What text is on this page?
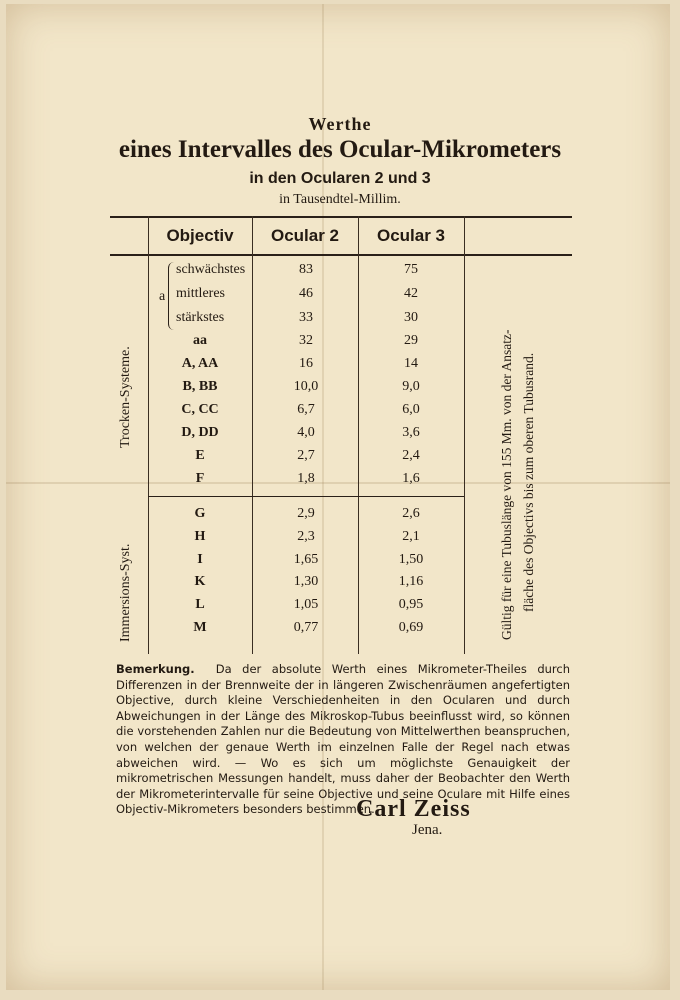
Werthe
eines Intervalles des Ocular-Mikrometers
in den Ocularen 2 und 3
in Tausendtel-Millim.
Objectiv	Ocular 2	Ocular 3
a
schwächstes	83	75
mittleres	46	42
stärkstes	33	30
aa	32	29
A, AA	16	14
B, BB	10,0	9,0
C, CC	6,7	6,0
D, DD	4,0	3,6
E	2,7	2,4
F	1,8	1,6
G	2,9	2,6
H	2,3	2,1
I	1,65	1,50
K	1,30	1,16
L	1,05	0,95
M	0,77	0,69
Trocken-Systeme.
Immersions-Syst.	Gültig für eine Tubuslänge von 155 Mm. von der Ansatz- fläche des Objectivs bis zum oberen Tubusrand.
Bemerkung. Da der absolute Werth eines Mikrometer-Theiles durch Differenzen in der Brennweite der in längeren Zwischenräumen angefertigten Objective, durch kleine Verschiedenheiten in den Ocularen und durch Abweichungen in der Länge des Mikroskop-Tubus beeinflusst wird, so können die vorstehenden Zahlen nur die Bedeutung von Mittelwerthen beanspruchen, von welchen der genaue Werth im einzelnen Falle der Regel nach etwas abweichen wird. — Wo es sich um möglichste Genauigkeit der mikrometrischen Messungen handelt, muss daher der Beobachter den Werth der Mikrometerintervalle für seine Objective und seine Oculare mit Hilfe eines Objectiv-Mikrometers besonders bestimmen.
Carl Zeiss
Jena.
